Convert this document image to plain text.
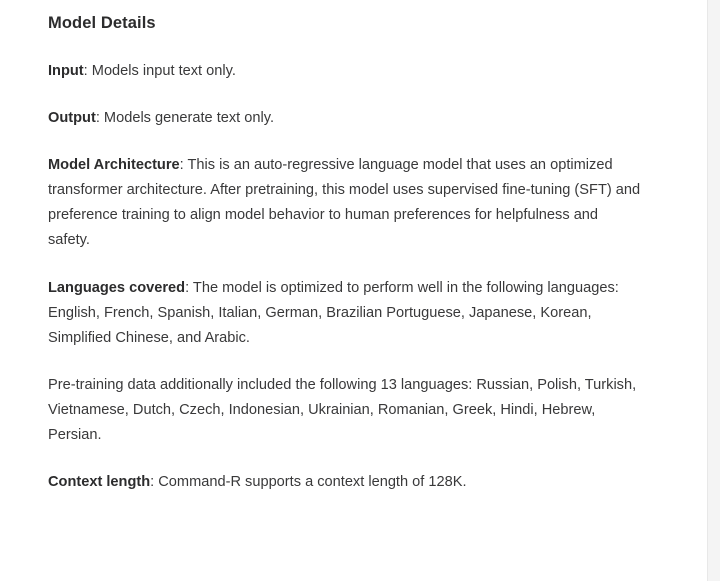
Model Details

Input: Models input text only.

Output: Models generate text only.

Model Architecture: This is an auto-regressive language model that uses an optimized transformer architecture. After pretraining, this model uses supervised fine-tuning (SFT) and preference training to align model behavior to human preferences for helpfulness and safety.

Languages covered: The model is optimized to perform well in the following languages: English, French, Spanish, Italian, German, Brazilian Portuguese, Japanese, Korean, Simplified Chinese, and Arabic.

Pre-training data additionally included the following 13 languages: Russian, Polish, Turkish, Vietnamese, Dutch, Czech, Indonesian, Ukrainian, Romanian, Greek, Hindi, Hebrew, Persian.

Context length: Command-R supports a context length of 128K.
